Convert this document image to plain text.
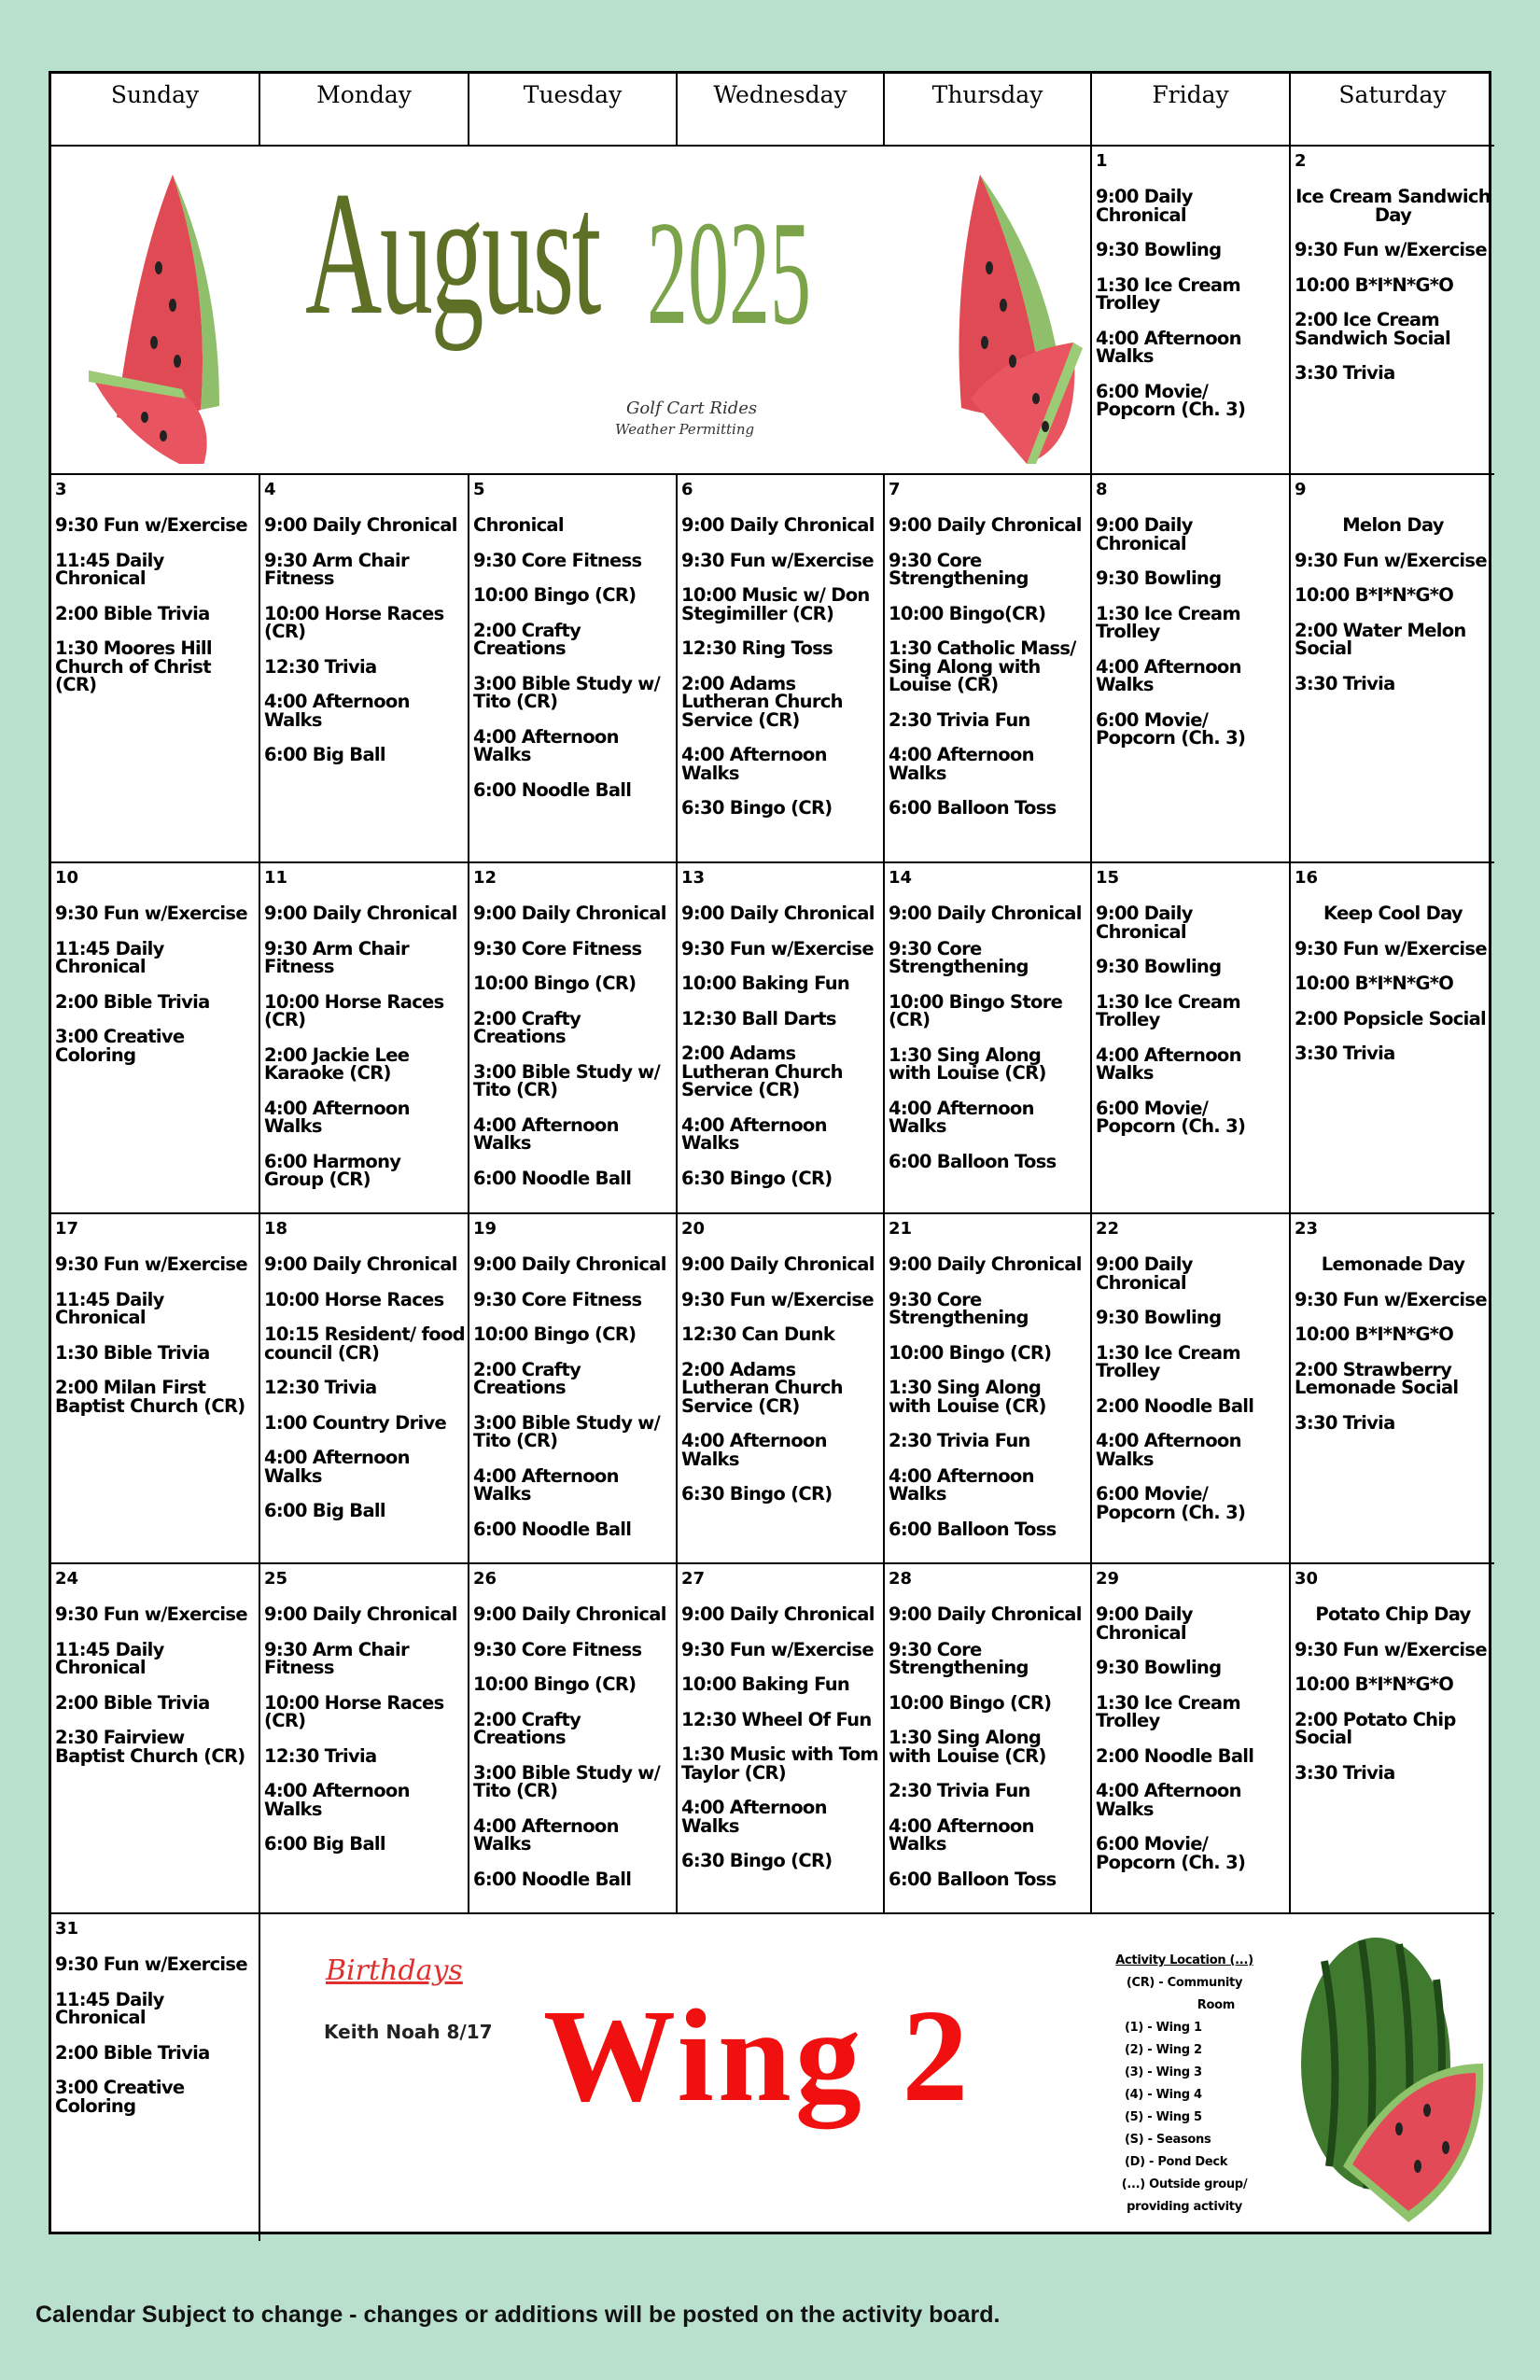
Sunday	Monday	Tuesday	Wednesday	Thursday	Friday	Saturday
August 2025
Golf Cart Rides
Weather Permitting
1
9:00 Daily Chronical
9:30 Bowling
1:30 Ice Cream Trolley
4:00 Afternoon Walks
6:00 Movie/ Popcorn (Ch. 3)
2
Ice Cream Sandwich Day
9:30 Fun w/Exercise
10:00 B*I*N*G*O
2:00 Ice Cream Sandwich Social
3:30 Trivia
3
9:30 Fun w/Exercise
11:45 Daily Chronical
2:00 Bible Trivia
1:30 Moores Hill Church of Christ (CR)
4
9:00 Daily Chronical
9:30 Arm Chair Fitness
10:00 Horse Races (CR)
12:30 Trivia
4:00 Afternoon Walks
6:00 Big Ball
5
Chronical
9:30 Core Fitness
10:00 Bingo (CR)
2:00 Crafty Creations
3:00 Bible Study w/ Tito (CR)
4:00 Afternoon Walks
6:00 Noodle Ball
6
9:00 Daily Chronical
9:30 Fun w/Exercise
10:00 Music w/ Don Stegimiller (CR)
12:30 Ring Toss
2:00 Adams Lutheran Church Service (CR)
4:00 Afternoon Walks
6:30 Bingo (CR)
7
9:00 Daily Chronical
9:30 Core Strengthening
10:00 Bingo(CR)
1:30 Catholic Mass/ Sing Along with Louise (CR)
2:30 Trivia Fun
4:00 Afternoon Walks
6:00 Balloon Toss
8
9:00 Daily Chronical
9:30 Bowling
1:30 Ice Cream Trolley
4:00 Afternoon Walks
6:00 Movie/ Popcorn (Ch. 3)
9
Melon Day
9:30 Fun w/Exercise
10:00 B*I*N*G*O
2:00 Water Melon Social
3:30 Trivia
10
9:30 Fun w/Exercise
11:45 Daily Chronical
2:00 Bible Trivia
3:00 Creative Coloring
11
9:00 Daily Chronical
9:30 Arm Chair Fitness
10:00 Horse Races (CR)
2:00 Jackie Lee Karaoke (CR)
4:00 Afternoon Walks
6:00 Harmony Group (CR)
12
9:00 Daily Chronical
9:30 Core Fitness
10:00 Bingo (CR)
2:00 Crafty Creations
3:00 Bible Study w/ Tito (CR)
4:00 Afternoon Walks
6:00 Noodle Ball
13
9:00 Daily Chronical
9:30 Fun w/Exercise
10:00 Baking Fun
12:30 Ball Darts
2:00 Adams Lutheran Church Service (CR)
4:00 Afternoon Walks
6:30 Bingo (CR)
14
9:00 Daily Chronical
9:30 Core Strengthening
10:00 Bingo Store (CR)
1:30 Sing Along with Louise (CR)
4:00 Afternoon Walks
6:00 Balloon Toss
15
9:00 Daily Chronical
9:30 Bowling
1:30 Ice Cream Trolley
4:00 Afternoon Walks
6:00 Movie/ Popcorn (Ch. 3)
16
Keep Cool Day
9:30 Fun w/Exercise
10:00 B*I*N*G*O
2:00 Popsicle Social
3:30 Trivia
17
9:30 Fun w/Exercise
11:45 Daily Chronical
1:30 Bible Trivia
2:00 Milan First Baptist Church (CR)
18
9:00 Daily Chronical
10:00 Horse Races
10:15 Resident/ food council (CR)
12:30 Trivia
1:00 Country Drive
4:00 Afternoon Walks
6:00 Big Ball
19
9:00 Daily Chronical
9:30 Core Fitness
10:00 Bingo (CR)
2:00 Crafty Creations
3:00 Bible Study w/ Tito (CR)
4:00 Afternoon Walks
6:00 Noodle Ball
20
9:00 Daily Chronical
9:30 Fun w/Exercise
12:30 Can Dunk
2:00 Adams Lutheran Church Service (CR)
4:00 Afternoon Walks
6:30 Bingo (CR)
21
9:00 Daily Chronical
9:30 Core Strengthening
10:00 Bingo (CR)
1:30 Sing Along with Louise (CR)
2:30 Trivia Fun
4:00 Afternoon Walks
6:00 Balloon Toss
22
9:00 Daily Chronical
9:30 Bowling
1:30 Ice Cream Trolley
2:00 Noodle Ball
4:00 Afternoon Walks
6:00 Movie/ Popcorn (Ch. 3)
23
Lemonade Day
9:30 Fun w/Exercise
10:00 B*I*N*G*O
2:00 Strawberry Lemonade Social
3:30 Trivia
24
9:30 Fun w/Exercise
11:45 Daily Chronical
2:00 Bible Trivia
2:30 Fairview Baptist Church (CR)
25
9:00 Daily Chronical
9:30 Arm Chair Fitness
10:00 Horse Races (CR)
12:30 Trivia
4:00 Afternoon Walks
6:00 Big Ball
26
9:00 Daily Chronical
9:30 Core Fitness
10:00 Bingo (CR)
2:00 Crafty Creations
3:00 Bible Study w/ Tito (CR)
4:00 Afternoon Walks
6:00 Noodle Ball
27
9:00 Daily Chronical
9:30 Fun w/Exercise
10:00 Baking Fun
12:30 Wheel Of Fun
1:30 Music with Tom Taylor (CR)
4:00 Afternoon Walks
6:30 Bingo (CR)
28
9:00 Daily Chronical
9:30 Core Strengthening
10:00 Bingo (CR)
1:30 Sing Along with Louise (CR)
2:30 Trivia Fun
4:00 Afternoon Walks
6:00 Balloon Toss
29
9:00 Daily Chronical
9:30 Bowling
1:30 Ice Cream Trolley
2:00 Noodle Ball
4:00 Afternoon Walks
6:00 Movie/ Popcorn (Ch. 3)
30
Potato Chip Day
9:30 Fun w/Exercise
10:00 B*I*N*G*O
2:00 Potato Chip Social
3:30 Trivia
31
9:30 Fun w/Exercise
11:45 Daily Chronical
2:00 Bible Trivia
3:00 Creative Coloring
Birthdays
Keith Noah 8/17 Wing 2
Activity Location (...)
(CR) - Community
Room
(1) - Wing 1
(2) - Wing 2
(3) - Wing 3
(4) - Wing 4
(5) - Wing 5
(S) - Seasons
(D) - Pond Deck
(...) Outside group/
providing activity
Calendar Subject to change - changes or additions will be posted on the activity board.
